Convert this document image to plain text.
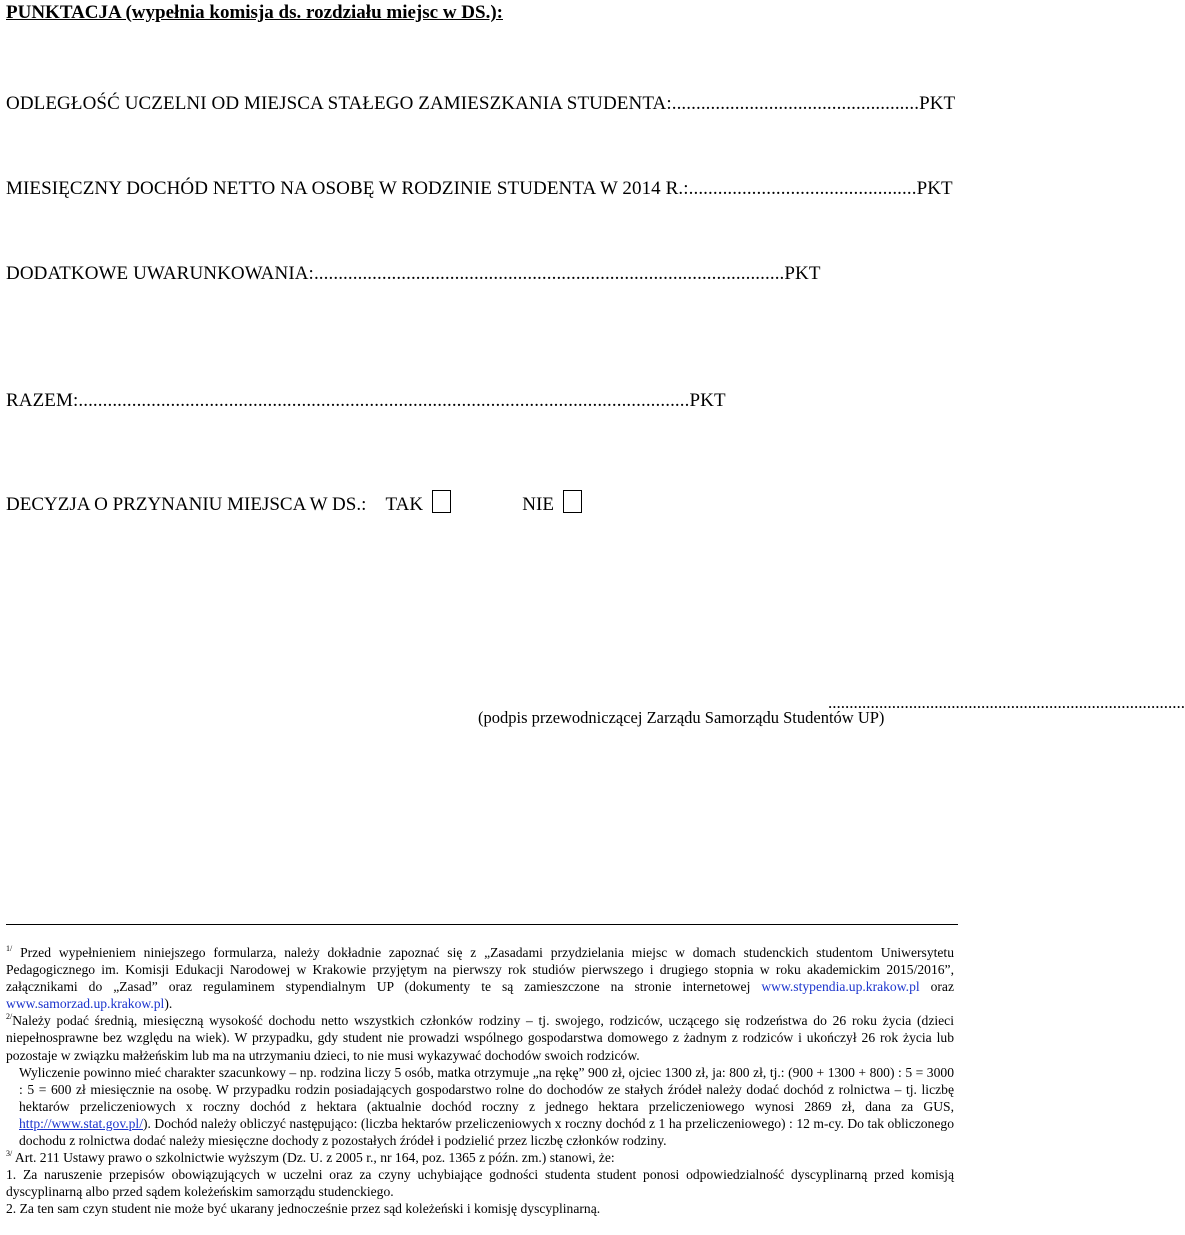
PUNKTACJA (wypełnia komisja ds. rozdziału miejsc w DS.):
ODLEGŁOŚĆ UCZELNI OD MIEJSCA STAŁEGO ZAMIESZKANIA STUDENTA:...................................................PKT
MIESIĘCZNY DOCHÓD NETTO NA OSOBĘ W RODZINIE STUDENTA W 2014 R.:...............................................PKT
DODATKOWE UWARUNKOWANIA:.................................................................................................PKT
RAZEM:..............................................................................................................................PKT
DECYZJA O PRZYNANIU MIEJSCA W DS.: TAK	NIE
....................................................................................
(podpis przewodniczącej Zarządu Samorządu Studentów UP)

$^{1/}$ Przed wypełnieniem niniejszego formularza, należy dokładnie zapoznać się z „Zasadami przydzielania miejsc w domach studenckich studentom Uniwersytetu Pedagogicznego im. Komisji Edukacji Narodowej w Krakowie przyjętym na pierwszy rok studiów pierwszego i drugiego stopnia w roku akademickim 2015/2016”, załącznikami do „Zasad” oraz regulaminem stypendialnym UP (dokumenty te są zamieszczone na stronie internetowej www.stypendia.up.krakow.pl oraz www.samorzad.up.krakow.pl).

$^{2/}$Należy podać średnią, miesięczną wysokość dochodu netto wszystkich członków rodziny – tj. swojego, rodziców, uczącego się rodzeństwa do 26 roku życia (dzieci niepełnosprawne bez względu na wiek). W przypadku, gdy student nie prowadzi wspólnego gospodarstwa domowego z żadnym z rodziców i ukończył 26 rok życia lub pozostaje w związku małżeńskim lub ma na utrzymaniu dzieci, to nie musi wykazywać dochodów swoich rodziców.

Wyliczenie powinno mieć charakter szacunkowy – np. rodzina liczy 5 osób, matka otrzymuje „na rękę” 900 zł, ojciec 1300 zł, ja: 800 zł, tj.: (900 + 1300 + 800) : 5 = 3000 : 5 = 600 zł miesięcznie na osobę. W przypadku rodzin posiadających gospodarstwo rolne do dochodów ze stałych źródeł należy dodać dochód z rolnictwa – tj. liczbę hektarów przeliczeniowych x roczny dochód z hektara (aktualnie dochód roczny z jednego hektara przeliczeniowego wynosi 2869 zł, dana za GUS, http://www.stat.gov.pl/). Dochód należy obliczyć następująco: (liczba hektarów przeliczeniowych x roczny dochód z 1 ha przeliczeniowego) : 12 m-cy. Do tak obliczonego dochodu z rolnictwa dodać należy miesięczne dochody z pozostałych źródeł i podzielić przez liczbę członków rodziny.

$^{3/}$ Art. 211 Ustawy prawo o szkolnictwie wyższym (Dz. U. z 2005 r., nr 164, poz. 1365 z późn. zm.) stanowi, że:

1. Za naruszenie przepisów obowiązujących w uczelni oraz za czyny uchybiające godności studenta student ponosi odpowiedzialność dyscyplinarną przed komisją dyscyplinarną albo przed sądem koleżeńskim samorządu studenckiego.

2. Za ten sam czyn student nie może być ukarany jednocześnie przez sąd koleżeński i komisję dyscyplinarną.
